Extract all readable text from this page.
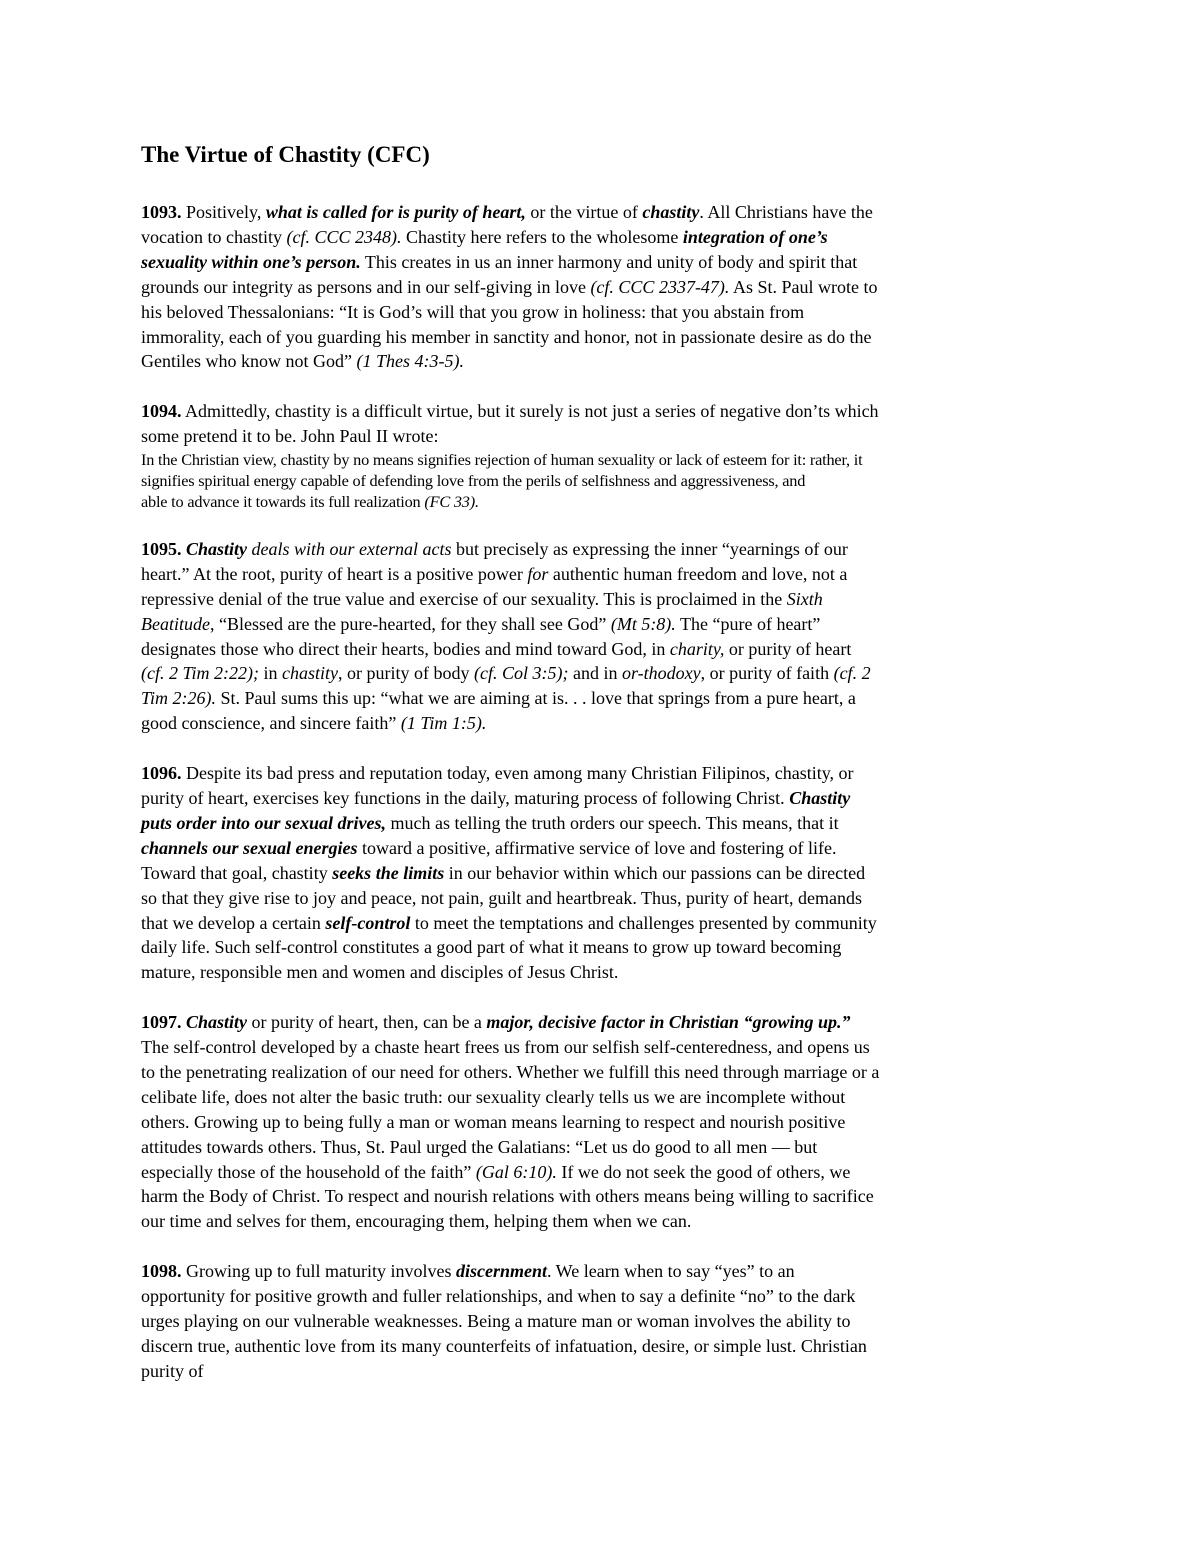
The Virtue of Chastity (CFC)
1093. Positively, what is called for is purity of heart, or the virtue of chastity. All Christians have the
vocation to chastity (cf. CCC 2348). Chastity here refers to the wholesome integration of one’s
sexuality within one’s person. This creates in us an inner harmony and unity of body and spirit that
grounds our integrity as persons and in our self-giving in love (cf. CCC 2337-47). As St. Paul wrote to
his beloved Thessalonians: “It is God’s will that you grow in holiness: that you abstain from
immorality, each of you guarding his member in sanctity and honor, not in passionate desire as do the
Gentiles who know not God” (1 Thes 4:3-5).
1094. Admittedly, chastity is a difficult virtue, but it surely is not just a series of negative don’ts which
some pretend it to be. John Paul II wrote:
In the Christian view, chastity by no means signifies rejection of human sexuality or lack of esteem for it: rather, it
signifies spiritual energy capable of defending love from the perils of selfishness and aggressiveness, and
able to advance it towards its full realization (FC 33).
1095. Chastity deals with our external acts but precisely as expressing the inner “yearnings of our
heart.” At the root, purity of heart is a positive power for authentic human freedom and love, not a
repressive denial of the true value and exercise of our sexuality. This is proclaimed in the Sixth
Beatitude, “Blessed are the pure-hearted, for they shall see God” (Mt 5:8). The “pure of heart”
designates those who direct their hearts, bodies and mind toward God, in charity, or purity of heart
(cf. 2 Tim 2:22); in chastity, or purity of body (cf. Col 3:5); and in or-thodoxy, or purity of faith (cf. 2
Tim 2:26). St. Paul sums this up: “what we are aiming at is. . . love that springs from a pure heart, a
good conscience, and sincere faith” (1 Tim 1:5).
1096. Despite its bad press and reputation today, even among many Christian Filipinos, chastity, or
purity of heart, exercises key functions in the daily, maturing process of following Christ. Chastity
puts order into our sexual drives, much as telling the truth orders our speech. This means, that it
channels our sexual energies toward a positive, affirmative service of love and fostering of life.
Toward that goal, chastity seeks the limits in our behavior within which our passions can be directed
so that they give rise to joy and peace, not pain, guilt and heartbreak. Thus, purity of heart, demands
that we develop a certain self-control to meet the temptations and challenges presented by community
daily life. Such self-control constitutes a good part of what it means to grow up toward becoming
mature, responsible men and women and disciples of Jesus Christ.
1097. Chastity or purity of heart, then, can be a major, decisive factor in Christian “growing up.”
The self-control developed by a chaste heart frees us from our selfish self-centeredness, and opens us
to the penetrating realization of our need for others. Whether we fulfill this need through marriage or a
celibate life, does not alter the basic truth: our sexuality clearly tells us we are incomplete without
others. Growing up to being fully a man or woman means learning to respect and nourish positive
attitudes towards others. Thus, St. Paul urged the Galatians: “Let us do good to all men — but
especially those of the household of the faith” (Gal 6:10). If we do not seek the good of others, we
harm the Body of Christ. To respect and nourish relations with others means being willing to sacrifice
our time and selves for them, encouraging them, helping them when we can.
1098. Growing up to full maturity involves discernment. We learn when to say “yes” to an
opportunity for positive growth and fuller relationships, and when to say a definite “no” to the dark
urges playing on our vulnerable weaknesses. Being a mature man or woman involves the ability to
discern true, authentic love from its many counterfeits of infatuation, desire, or simple lust. Christian
purity of
